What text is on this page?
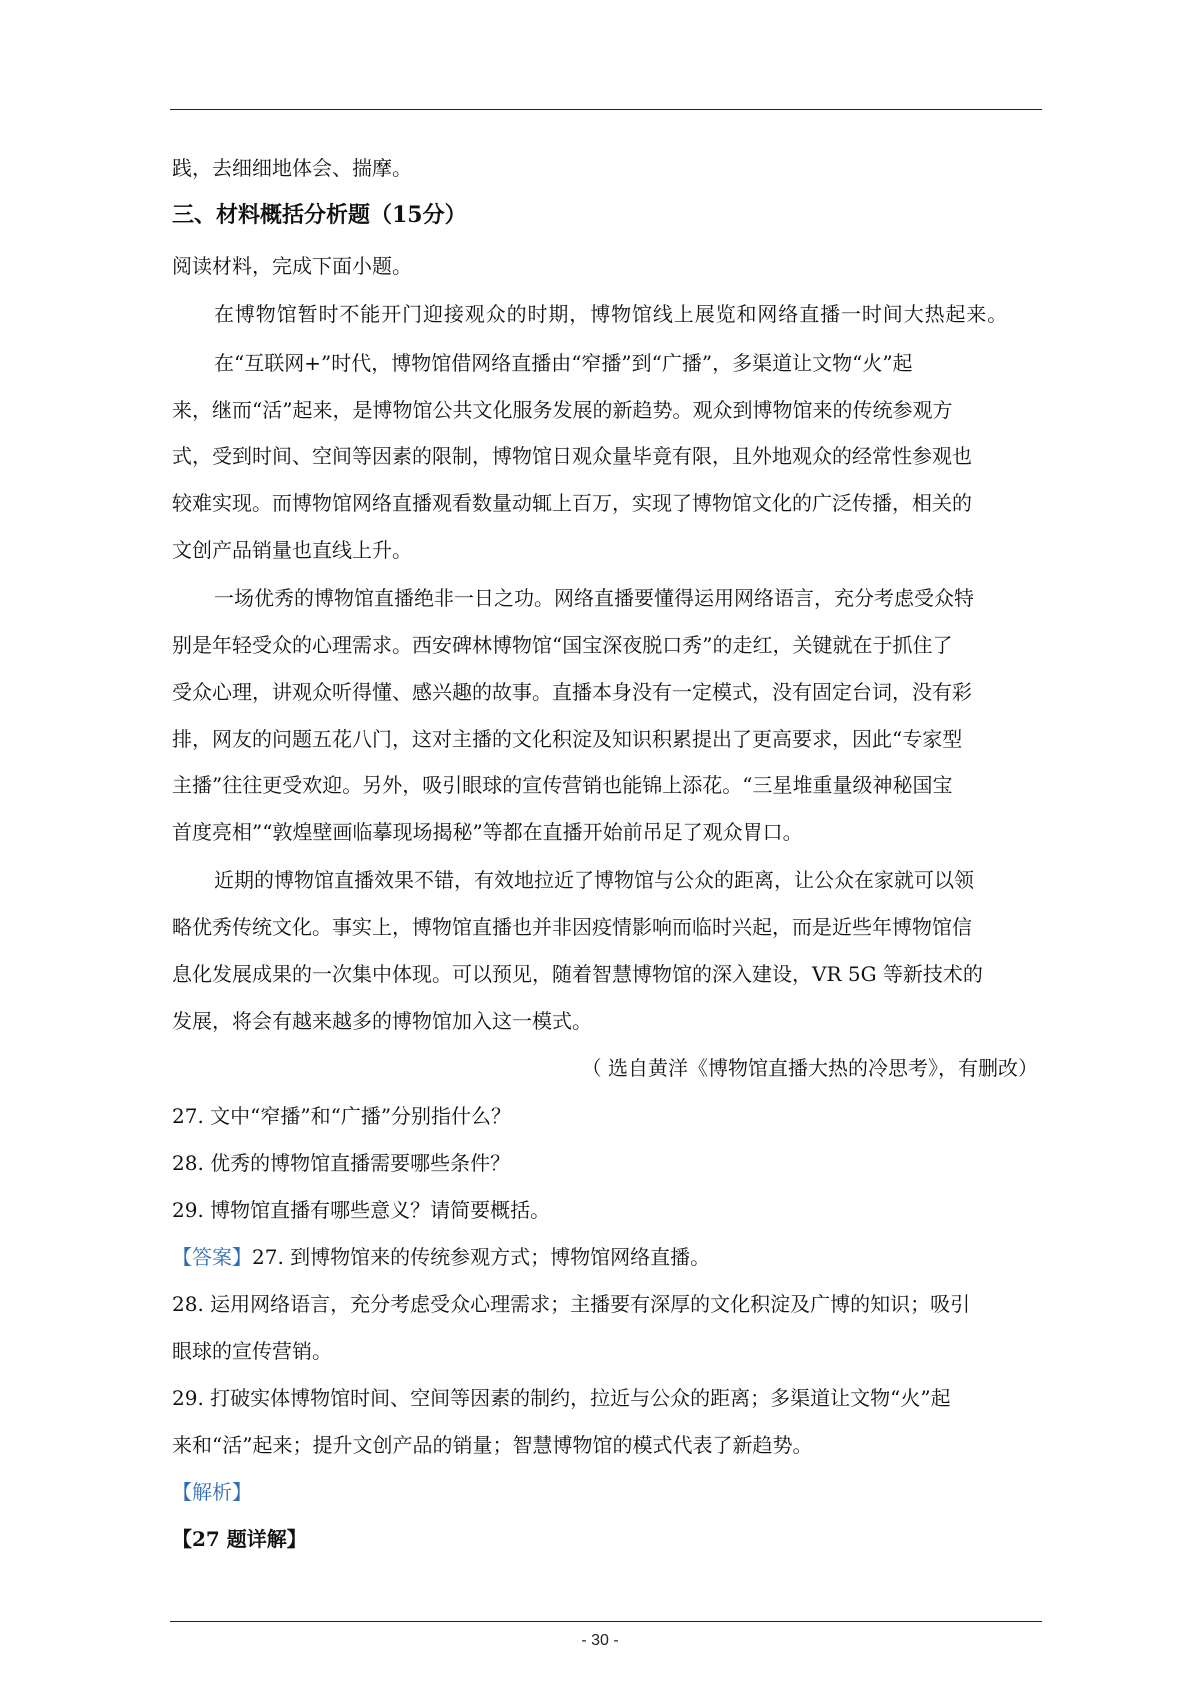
践，去细细地体会、揣摩。
三、材料概括分析题（15分）
阅读材料，完成下面小题。
在博物馆暂时不能开门迎接观众的时期，博物馆线上展览和网络直播一时间大热起来。
在“互联网+”时代，博物馆借网络直播由“窄播”到“广播”，多渠道让文物“火”起
来，继而“活”起来，是博物馆公共文化服务发展的新趋势。观众到博物馆来的传统参观方
式，受到时间、空间等因素的限制，博物馆日观众量毕竟有限，且外地观众的经常性参观也
较难实现。而博物馆网络直播观看数量动辄上百万，实现了博物馆文化的广泛传播，相关的
文创产品销量也直线上升。
一场优秀的博物馆直播绝非一日之功。网络直播要懂得运用网络语言，充分考虑受众特
别是年轻受众的心理需求。西安碑林博物馆“国宝深夜脱口秀”的走红，关键就在于抓住了
受众心理，讲观众听得懂、感兴趣的故事。直播本身没有一定模式，没有固定台词，没有彩
排，网友的问题五花八门，这对主播的文化积淀及知识积累提出了更高要求，因此“专家型
主播”往往更受欢迎。另外，吸引眼球的宣传营销也能锦上添花。“三星堆重量级神秘国宝
首度亮相”“敦煌壁画临摹现场揭秘”等都在直播开始前吊足了观众胃口。
近期的博物馆直播效果不错，有效地拉近了博物馆与公众的距离，让公众在家就可以领
略优秀传统文化。事实上，博物馆直播也并非因疫情影响而临时兴起，而是近些年博物馆信
息化发展成果的一次集中体现。可以预见，随着智慧博物馆的深入建设，VR 5G 等新技术的
发展，将会有越来越多的博物馆加入这一模式。
（ 选自黄洋《博物馆直播大热的冷思考》，有删改）
27. 文中“窄播”和“广播”分别指什么？
28. 优秀的博物馆直播需要哪些条件？
29. 博物馆直播有哪些意义？请简要概括。
【答案】27. 到博物馆来的传统参观方式；博物馆网络直播。
28. 运用网络语言，充分考虑受众心理需求；主播要有深厚的文化积淀及广博的知识；吸引
眼球的宣传营销。
29. 打破实体博物馆时间、空间等因素的制约，拉近与公众的距离；多渠道让文物“火”起
来和“活”起来；提升文创产品的销量；智慧博物馆的模式代表了新趋势。
【解析】
【27 题详解】
- 30 -
